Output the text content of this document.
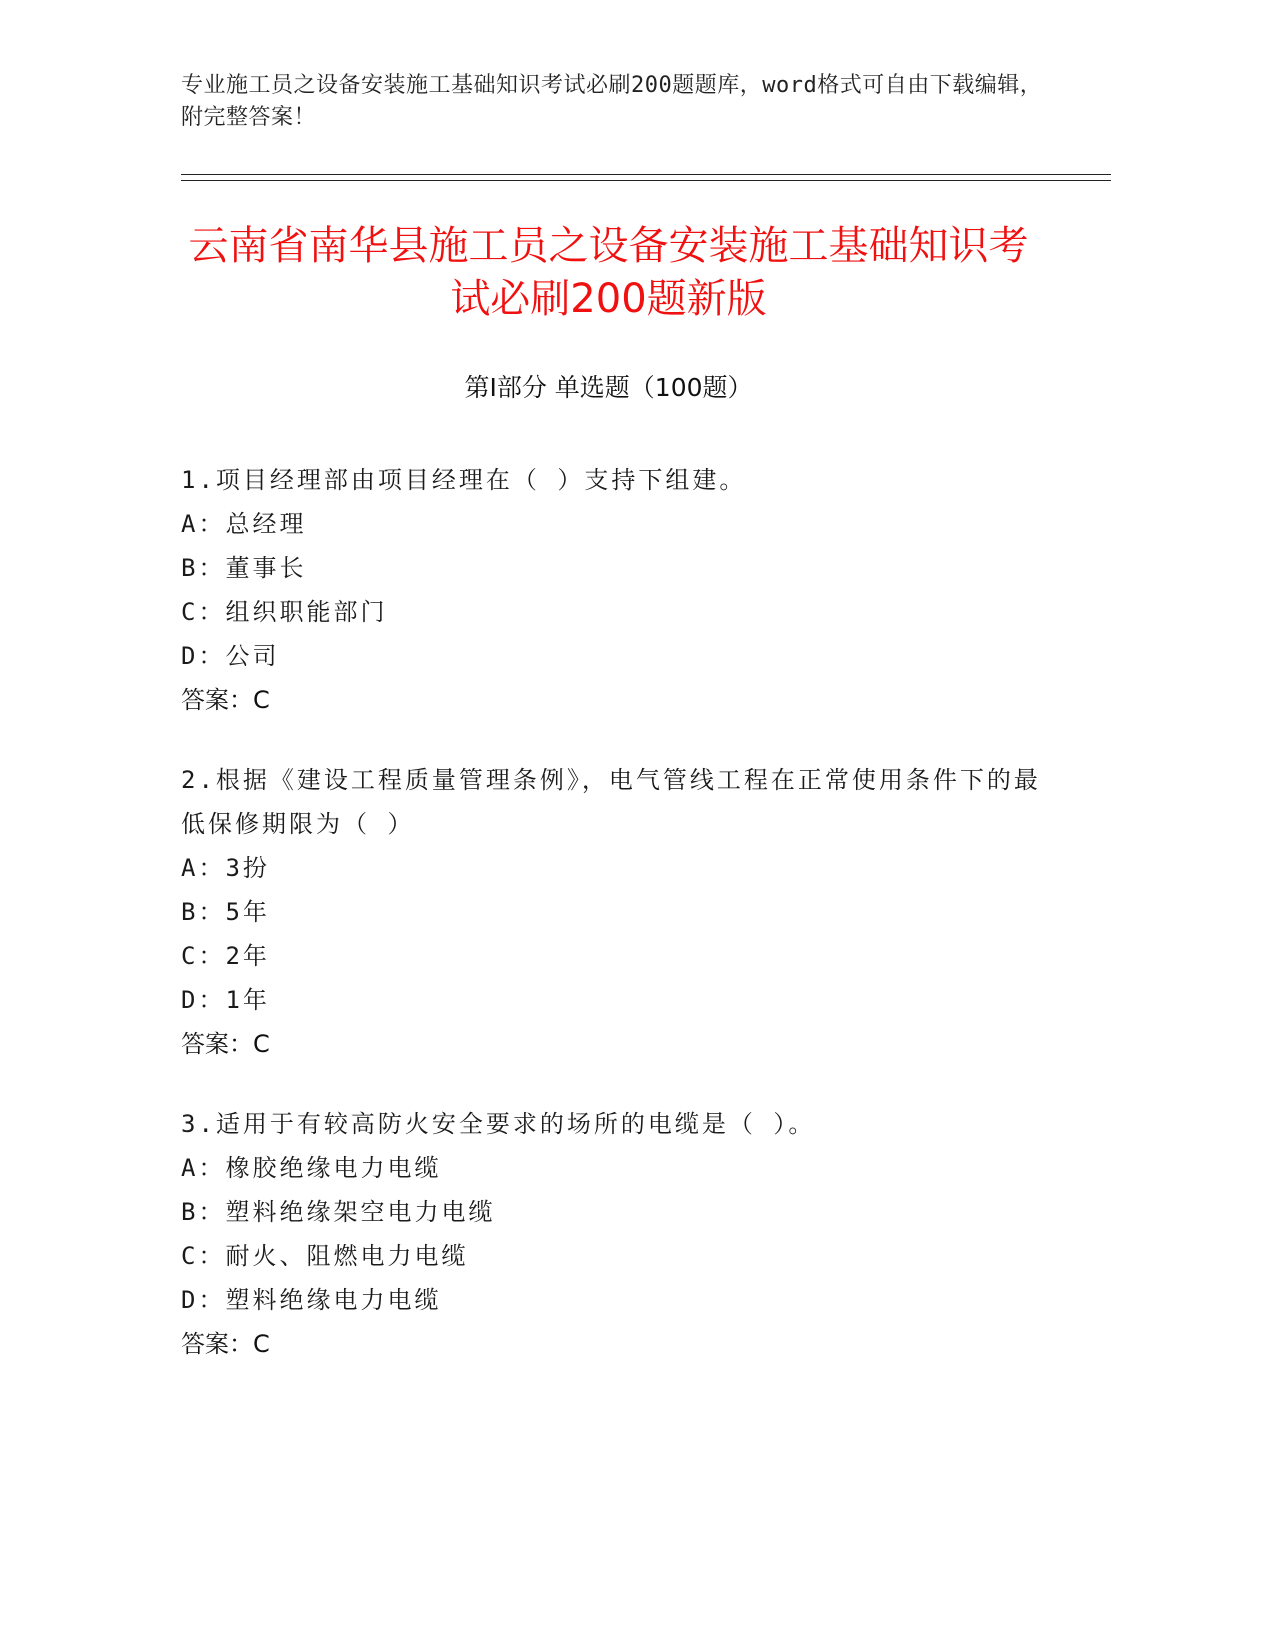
专业施工员之设备安装施工基础知识考试必刷200题题库，word格式可自由下载编辑，附完整答案！
云南省南华县施工员之设备安装施工基础知识考试必刷200题新版
第Ⅰ部分 单选题（100题）

1.项目经理部由项目经理在（ ）支持下组建。

A：总经理

B：董事长

C：组织职能部门

D：公司

答案：C

2.根据《建设工程质量管理条例》，电气管线工程在正常使用条件下的最低保修期限为（ ）

A：3扮

B：5年

C：2年

D：1年

答案：C

3.适用于有较高防火安全要求的场所的电缆是（ ）。

A：橡胶绝缘电力电缆

B：塑料绝缘架空电力电缆

C：耐火、阻燃电力电缆

D：塑料绝缘电力电缆

答案：C
